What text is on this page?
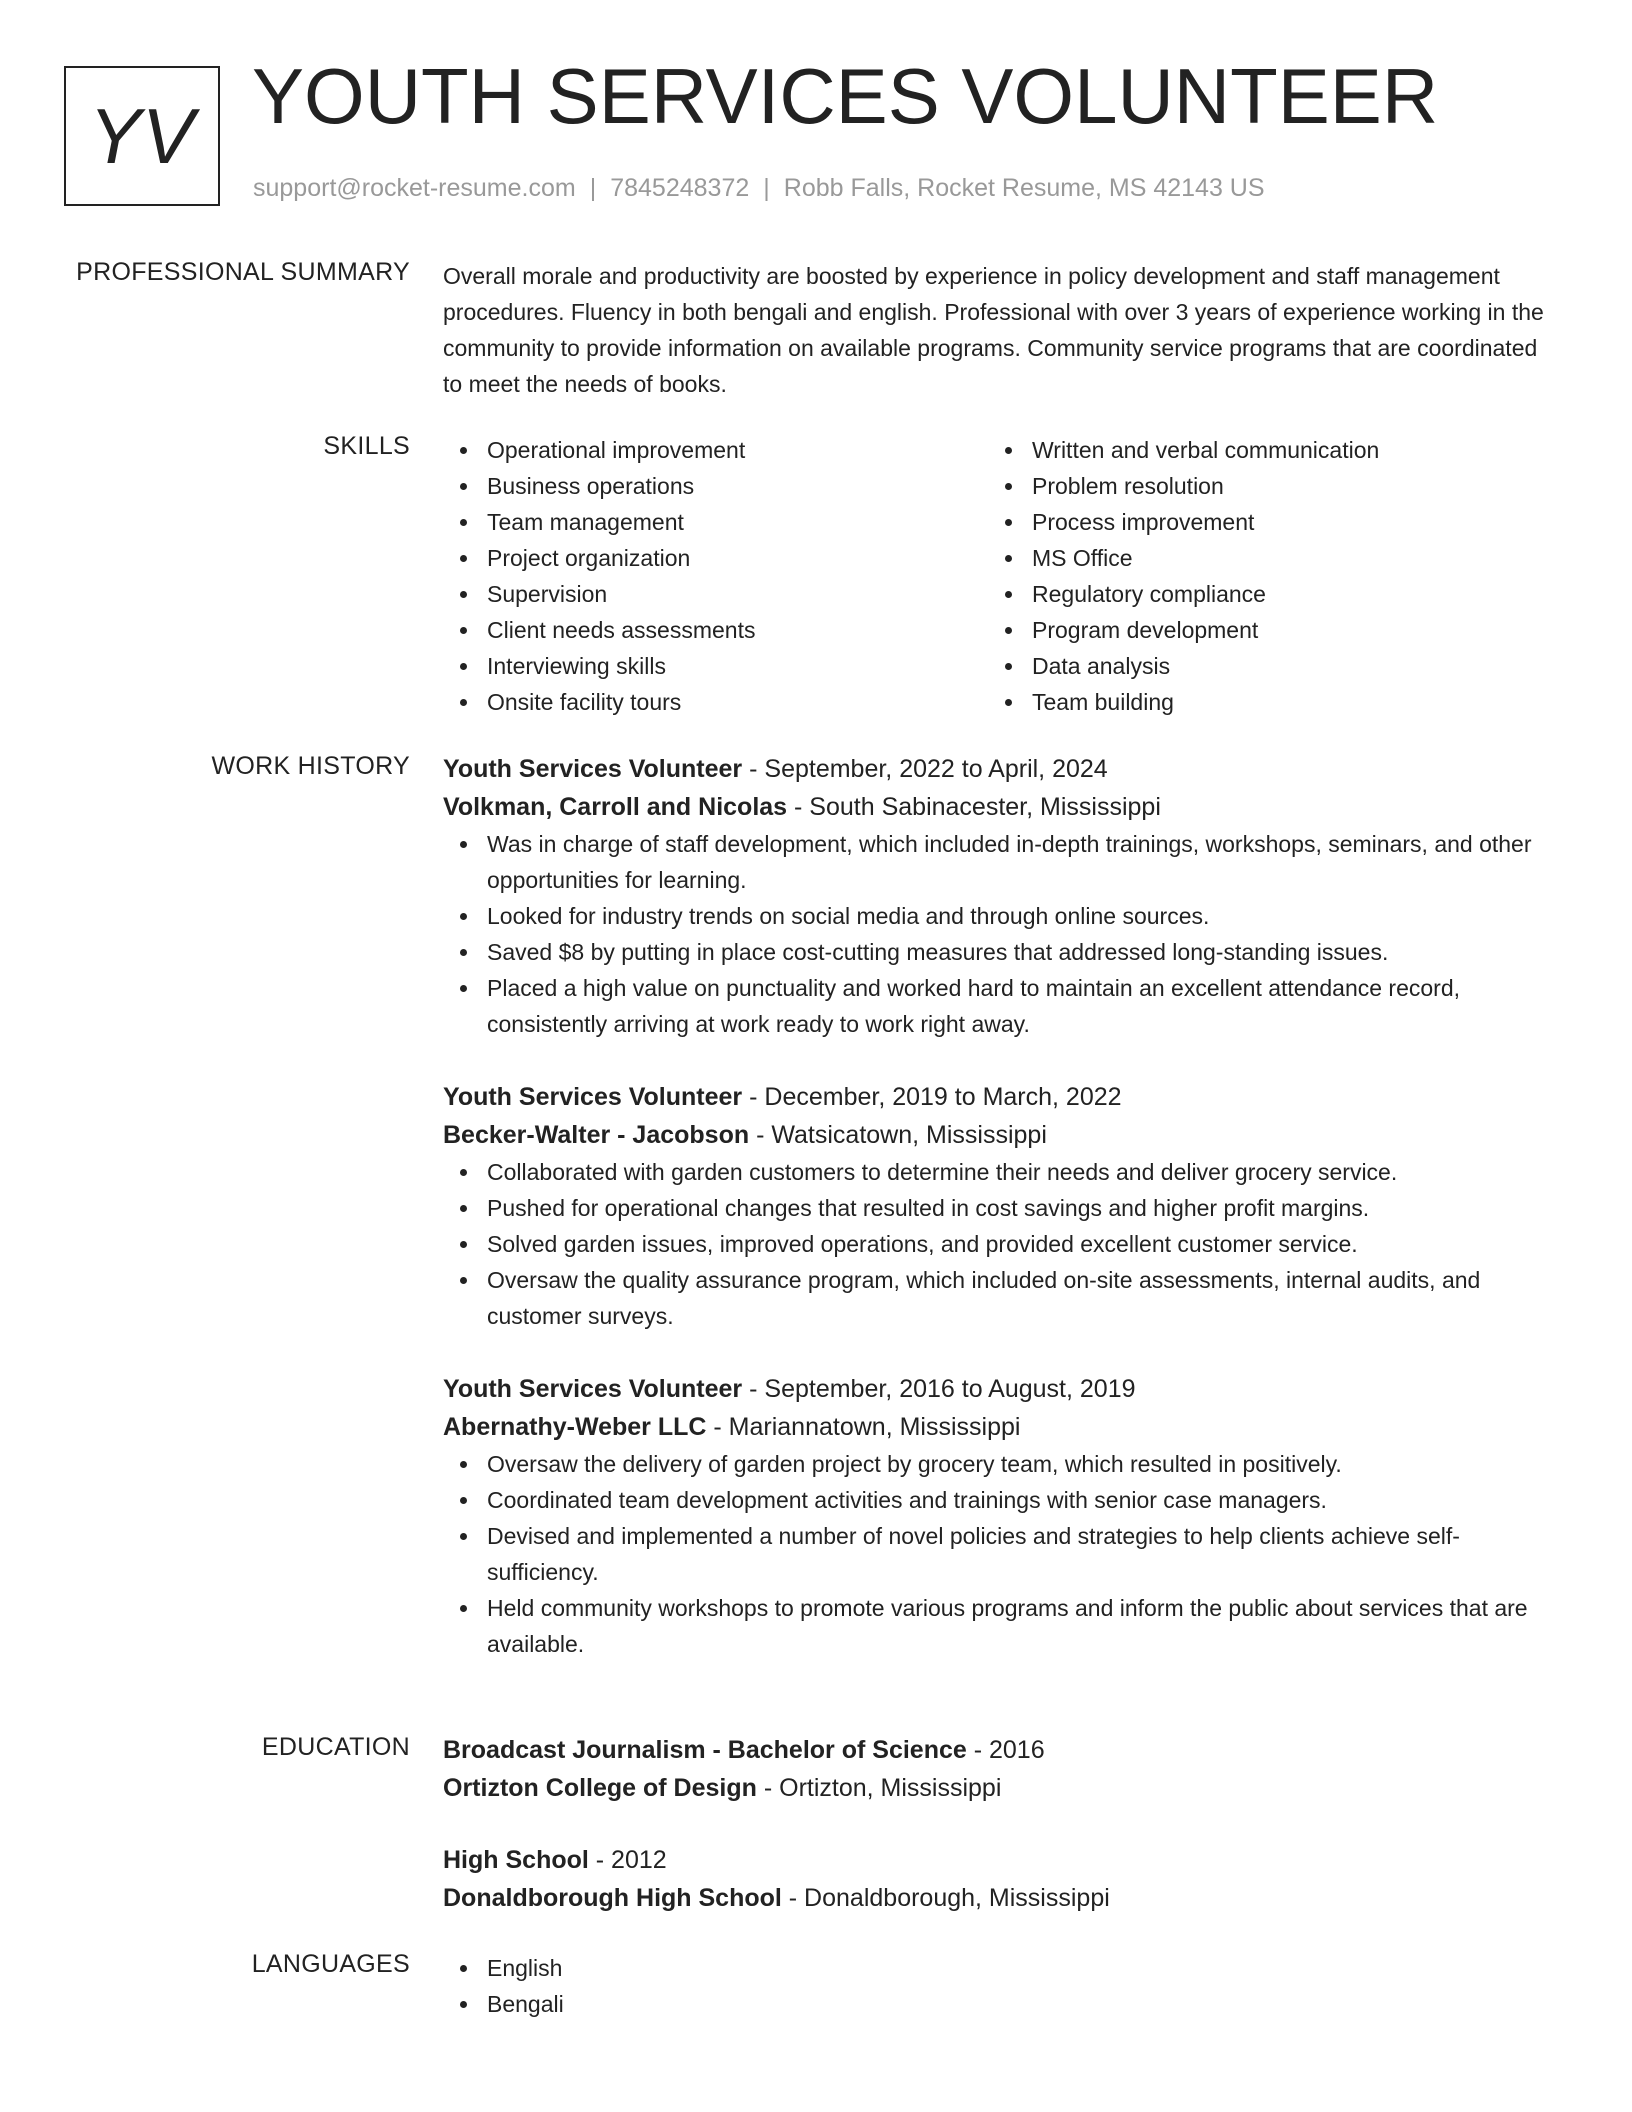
YV YOUTH SERVICES VOLUNTEER
support@rocket-resume.com | 7845248372 | Robb Falls, Rocket Resume, MS 42143 US
PROFESSIONAL SUMMARY Overall morale and productivity are boosted by experience in policy development and staff management procedures. Fluency in both bengali and english. Professional with over 3 years of experience working in the community to provide information on available programs. Community service programs that are coordinated to meet the needs of books.

SKILLS	Operational improvement
Business operations
Team management
Project organization
Supervision
Client needs assessments
Interviewing skills
Onsite facility tours
Written and verbal communication
Problem resolution
Process improvement
MS Office
Regulatory compliance
Program development
Data analysis
Team building
WORK HISTORY Youth Services Volunteer - September, 2022 to April, 2024
Volkman, Carroll and Nicolas - South Sabinacester, Mississippi
Was in charge of staff development, which included in-depth trainings, workshops, seminars, and other opportunities for learning.
Looked for industry trends on social media and through online sources.
Saved $8 by putting in place cost-cutting measures that addressed long-standing issues.
Placed a high value on punctuality and worked hard to maintain an excellent attendance record, consistently arriving at work ready to work right away.
Youth Services Volunteer - December, 2019 to March, 2022
Becker-Walter - Jacobson - Watsicatown, Mississippi
Collaborated with garden customers to determine their needs and deliver grocery service.
Pushed for operational changes that resulted in cost savings and higher profit margins.
Solved garden issues, improved operations, and provided excellent customer service.
Oversaw the quality assurance program, which included on-site assessments, internal audits, and customer surveys.
Youth Services Volunteer - September, 2016 to August, 2019
Abernathy-Weber LLC - Mariannatown, Mississippi
Oversaw the delivery of garden project by grocery team, which resulted in positively.
Coordinated team development activities and trainings with senior case managers.
Devised and implemented a number of novel policies and strategies to help clients achieve self-sufficiency.
Held community workshops to promote various programs and inform the public about services that are available.
EDUCATION Broadcast Journalism - Bachelor of Science - 2016
Ortizton College of Design - Ortizton, Mississippi
High School - 2012
Donaldborough High School - Donaldborough, Mississippi
LANGUAGES	English
Bengali
